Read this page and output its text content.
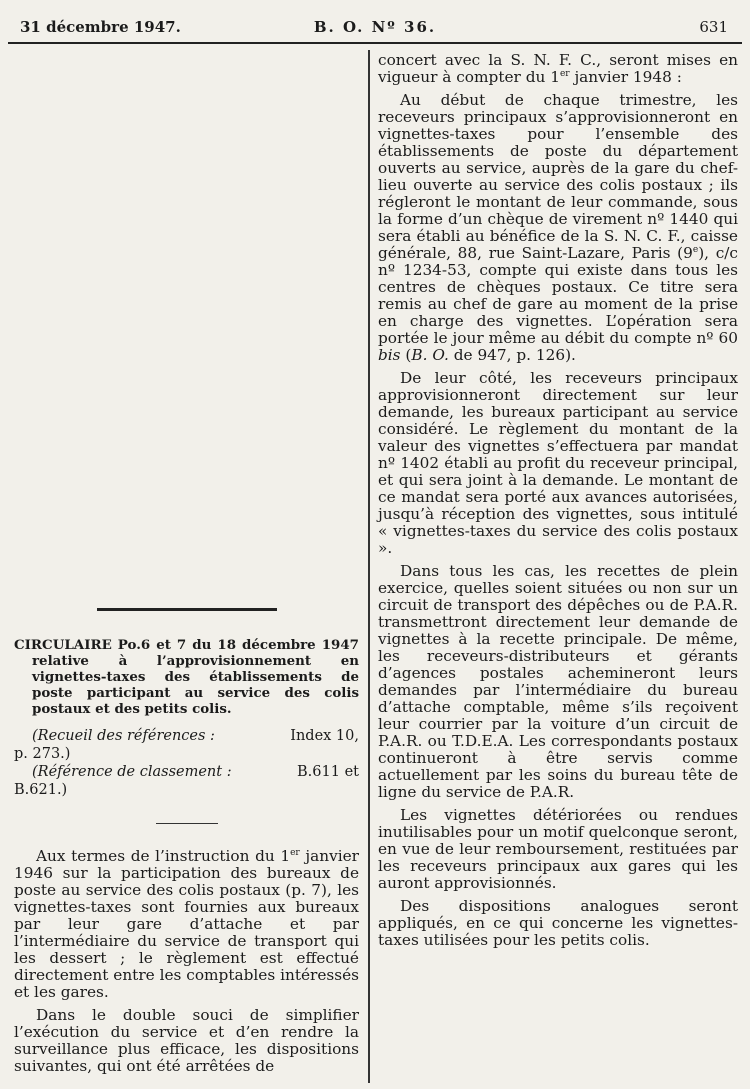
31 décembre 1947.	B. O. Nº 36.	631

CIRCULAIRE Po.6 et 7 du 18 décembre 1947 relative à l’approvisionnement en vignettes-taxes des établissements de poste participant au service des colis postaux et des petits colis.

(Recueil des références :	Index 10,
p. 273.)

(Référence de classement :	B.611 et
B.621.)

Aux termes de l’instruction du 1er janvier 1946 sur la participation des bureaux de poste au service des colis postaux (p. 7), les vignettes-taxes sont fournies aux bureaux par leur gare d’attache et par l’intermédiaire du service de transport qui les dessert ; le règlement est effectué directement entre les comptables intéressés et les gares.

Dans le double souci de simplifier l’exécution du service et d’en rendre la surveillance plus efficace, les dispositions suivantes, qui ont été arrêtées de

concert avec la S. N. F. C., seront mises en vigueur à compter du 1er janvier 1948 :

Au début de chaque trimestre, les receveurs principaux s’approvisionneront en vignettes-taxes pour l’ensemble des établissements de poste du département ouverts au service, auprès de la gare du chef-lieu ouverte au service des colis postaux ; ils régleront le montant de leur commande, sous la forme d’un chèque de virement nº 1440 qui sera établi au bénéfice de la S. N. C. F., caisse générale, 88, rue Saint-Lazare, Paris (9e), c/c nº 1234-53, compte qui existe dans tous les centres de chèques postaux. Ce titre sera remis au chef de gare au moment de la prise en charge des vignettes. L’opération sera portée le jour même au débit du compte nº 60 bis (B. O. de 947, p. 126).

De leur côté, les receveurs principaux approvisionneront directement sur leur demande, les bureaux participant au service considéré. Le règlement du montant de la valeur des vignettes s’effectuera par mandat nº 1402 établi au profit du receveur principal, et qui sera joint à la demande. Le montant de ce mandat sera porté aux avances autorisées, jusqu’à réception des vignettes, sous intitulé « vignettes-taxes du service des colis postaux ».

Dans tous les cas, les recettes de plein exercice, quelles soient situées ou non sur un circuit de transport des dépêches ou de P.A.R. transmettront directement leur demande de vignettes à la recette principale. De même, les receveurs-distributeurs et gérants d’agences postales achemineront leurs demandes par l’intermédiaire du bureau d’attache comptable, même s’ils reçoivent leur courrier par la voiture d’un circuit de P.A.R. ou T.D.E.A. Les correspondants postaux continueront à être servis comme actuellement par les soins du bureau tête de ligne du service de P.A.R.

Les vignettes détériorées ou rendues inutilisables pour un motif quelconque seront, en vue de leur remboursement, restituées par les receveurs principaux aux gares qui les auront approvisionnés.

Des dispositions analogues seront appliqués, en ce qui concerne les vignettes-taxes utilisées pour les petits colis.
